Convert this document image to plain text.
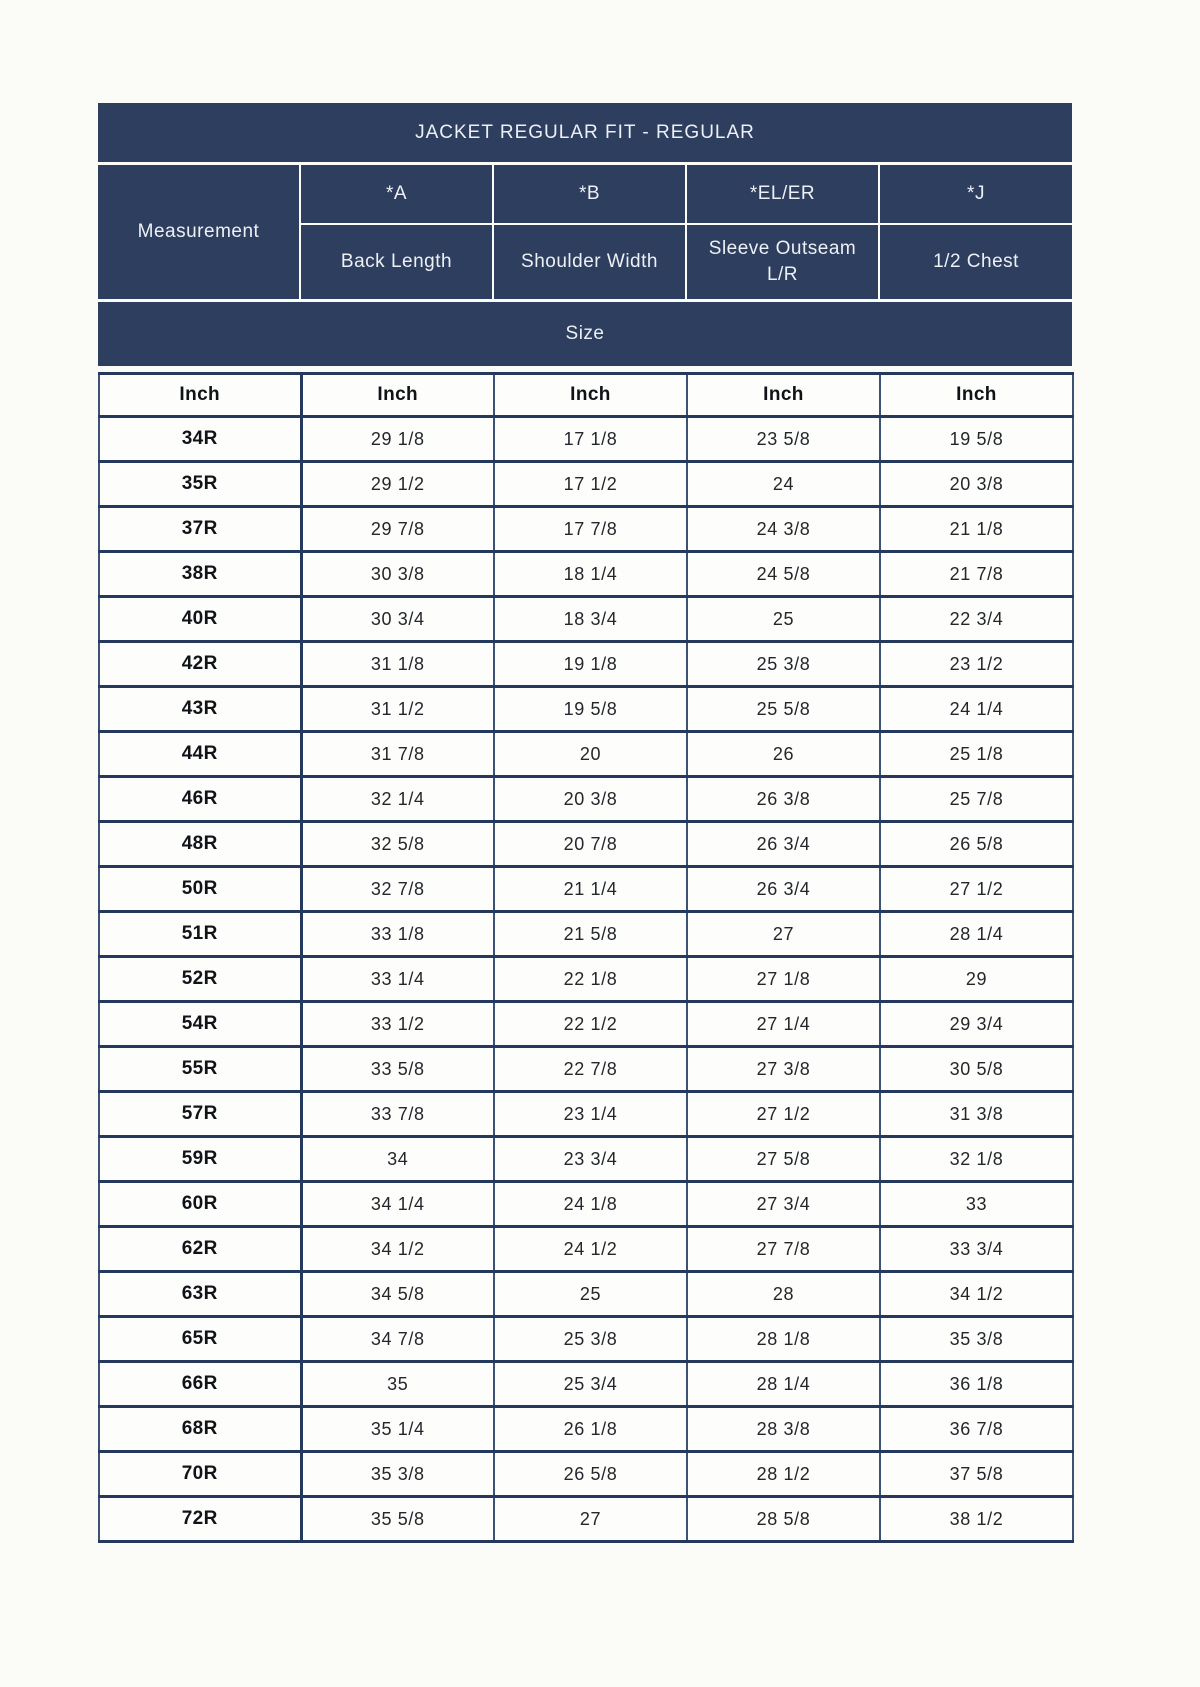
JACKET REGULAR FIT - REGULAR				
Measurement	*A	*B	*EL/ER	*J
	Back Length	Shoulder Width	Sleeve Outseam L/R	1/2 Chest
Size				
Inch	Inch	Inch	Inch	Inch
34R	29 1/8	17 1/8	23 5/8	19 5/8
35R	29 1/2	17 1/2	24	20 3/8
37R	29 7/8	17 7/8	24 3/8	21 1/8
38R	30 3/8	18 1/4	24 5/8	21 7/8
40R	30 3/4	18 3/4	25	22 3/4
42R	31 1/8	19 1/8	25 3/8	23 1/2
43R	31 1/2	19 5/8	25 5/8	24 1/4
44R	31 7/8	20	26	25 1/8
46R	32 1/4	20 3/8	26 3/8	25 7/8
48R	32 5/8	20 7/8	26 3/4	26 5/8
50R	32 7/8	21 1/4	26 3/4	27 1/2
51R	33 1/8	21 5/8	27	28 1/4
52R	33 1/4	22 1/8	27 1/8	29
54R	33 1/2	22 1/2	27 1/4	29 3/4
55R	33 5/8	22 7/8	27 3/8	30 5/8
57R	33 7/8	23 1/4	27 1/2	31 3/8
59R	34	23 3/4	27 5/8	32 1/8
60R	34 1/4	24 1/8	27 3/4	33
62R	34 1/2	24 1/2	27 7/8	33 3/4
63R	34 5/8	25	28	34 1/2
65R	34 7/8	25 3/8	28 1/8	35 3/8
66R	35	25 3/4	28 1/4	36 1/8
68R	35 1/4	26 1/8	28 3/8	36 7/8
70R	35 3/8	26 5/8	28 1/2	37 5/8
72R	35 5/8	27	28 5/8	38 1/2
